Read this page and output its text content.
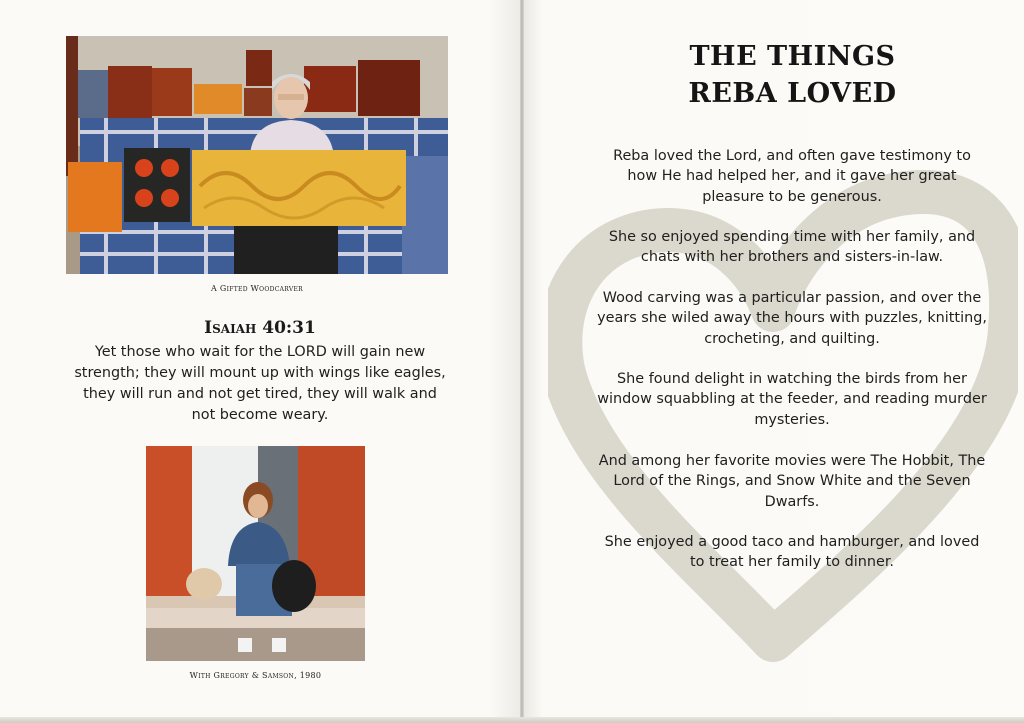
A Gifted Woodcarver
Isaiah 40:31
Yet those who wait for the LORD will gain new strength; they will mount up with wings like eagles, they will run and not get tired, they will walk and not become weary.
With Gregory & Samson, 1980
THE THINGS
REBA LOVED

Reba loved the Lord, and often gave testimony to how He had helped her, and it gave her great pleasure to be generous.

She so enjoyed spending time with her family, and chats with her brothers and sisters-in-law.

Wood carving was a particular passion, and over the years she wiled away the hours with puzzles, knitting, crocheting, and quilting.

She found delight in watching the birds from her window squabbling at the feeder, and reading murder mysteries.

And among her favorite movies were The Hobbit, The Lord of the Rings, and Snow White and the Seven Dwarfs.

She enjoyed a good taco and hamburger, and loved to treat her family to dinner.
